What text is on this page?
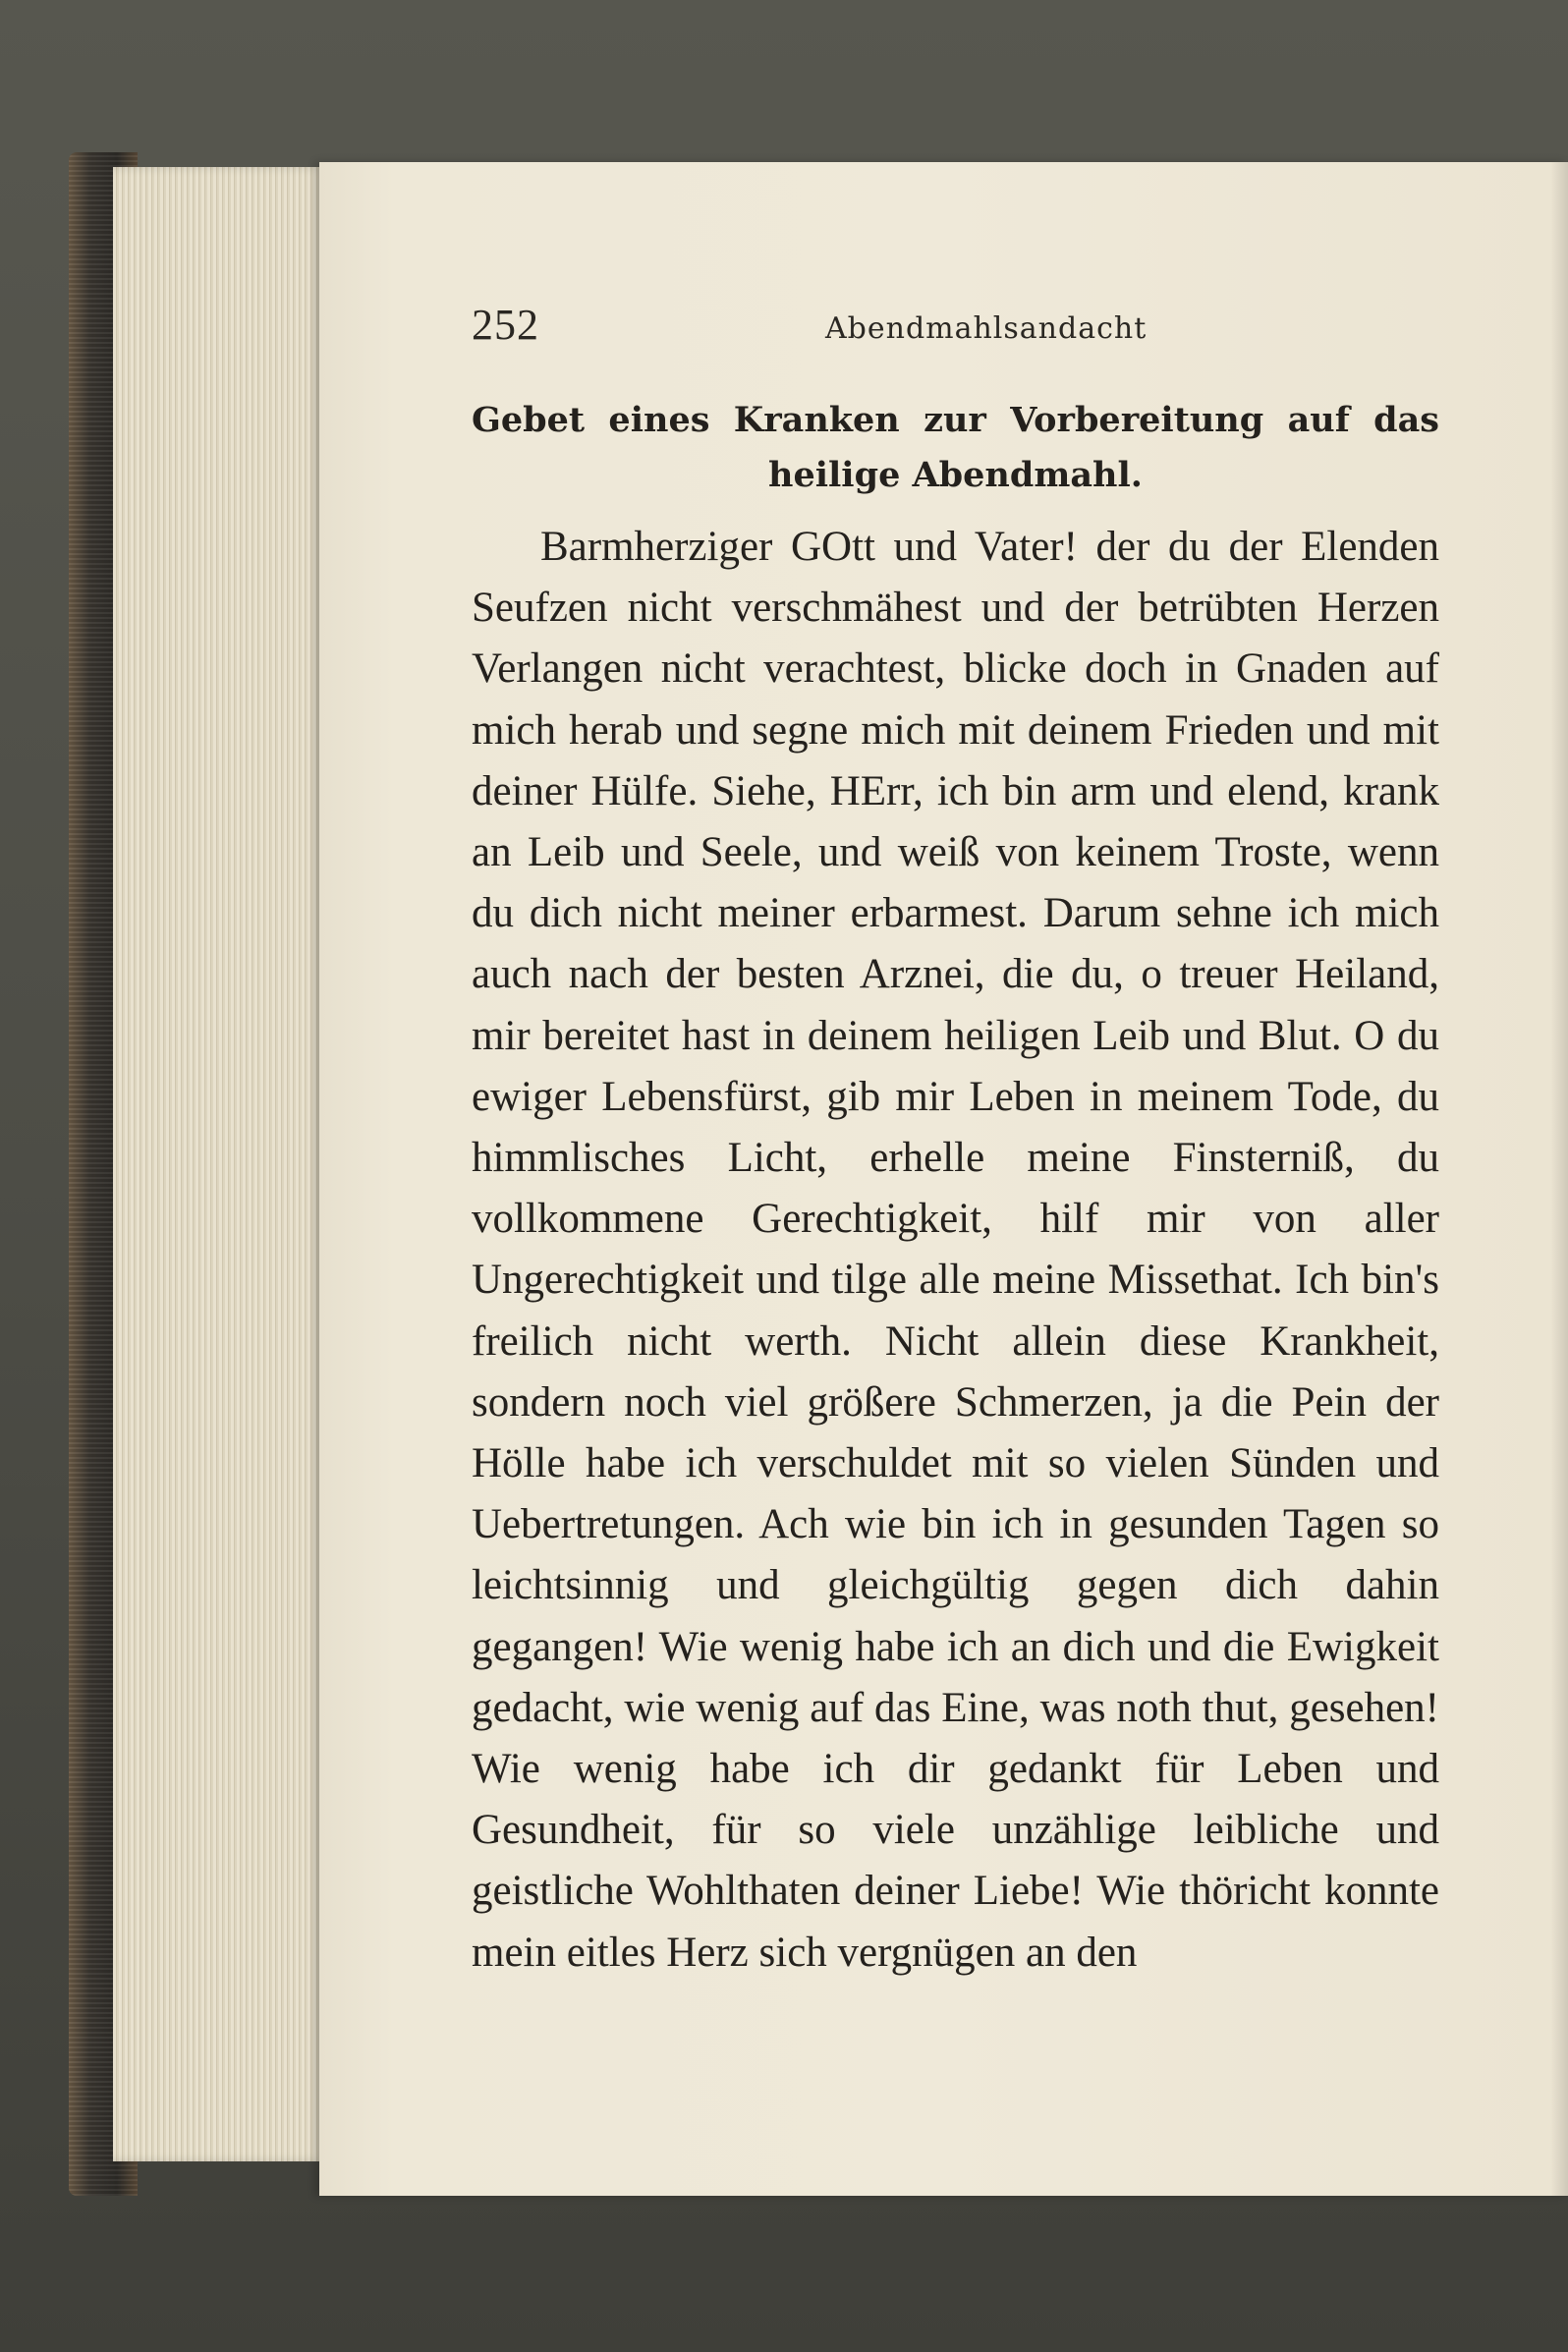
252	Abendmahlsandacht

Gebet eines Kranken zur Vorbereitung auf das heilige Abendmahl.

Barmherziger GOtt und Vater! der du der Elenden Seufzen nicht verschmähest und der betrübten Herzen Verlangen nicht verachtest, blicke doch in Gnaden auf mich herab und segne mich mit deinem Frieden und mit deiner Hülfe. Siehe, HErr, ich bin arm und elend, krank an Leib und Seele, und weiß von keinem Troste, wenn du dich nicht meiner erbarmest. Darum sehne ich mich auch nach der besten Arznei, die du, o treuer Heiland, mir bereitet hast in deinem heiligen Leib und Blut. O du ewiger Lebensfürst, gib mir Leben in meinem Tode, du himmlisches Licht, erhelle meine Finsterniß, du vollkommene Gerechtigkeit, hilf mir von aller Ungerechtigkeit und tilge alle meine Missethat. Ich bin's freilich nicht werth. Nicht allein diese Krankheit, sondern noch viel größere Schmerzen, ja die Pein der Hölle habe ich verschuldet mit so vielen Sünden und Uebertretungen. Ach wie bin ich in gesunden Tagen so leichtsinnig und gleichgültig gegen dich dahin gegangen! Wie wenig habe ich an dich und die Ewigkeit gedacht, wie wenig auf das Eine, was noth thut, gesehen! Wie wenig habe ich dir gedankt für Leben und Gesundheit, für so viele unzählige leibliche und geistliche Wohlthaten deiner Liebe! Wie thöricht konnte mein eitles Herz sich vergnügen an den
